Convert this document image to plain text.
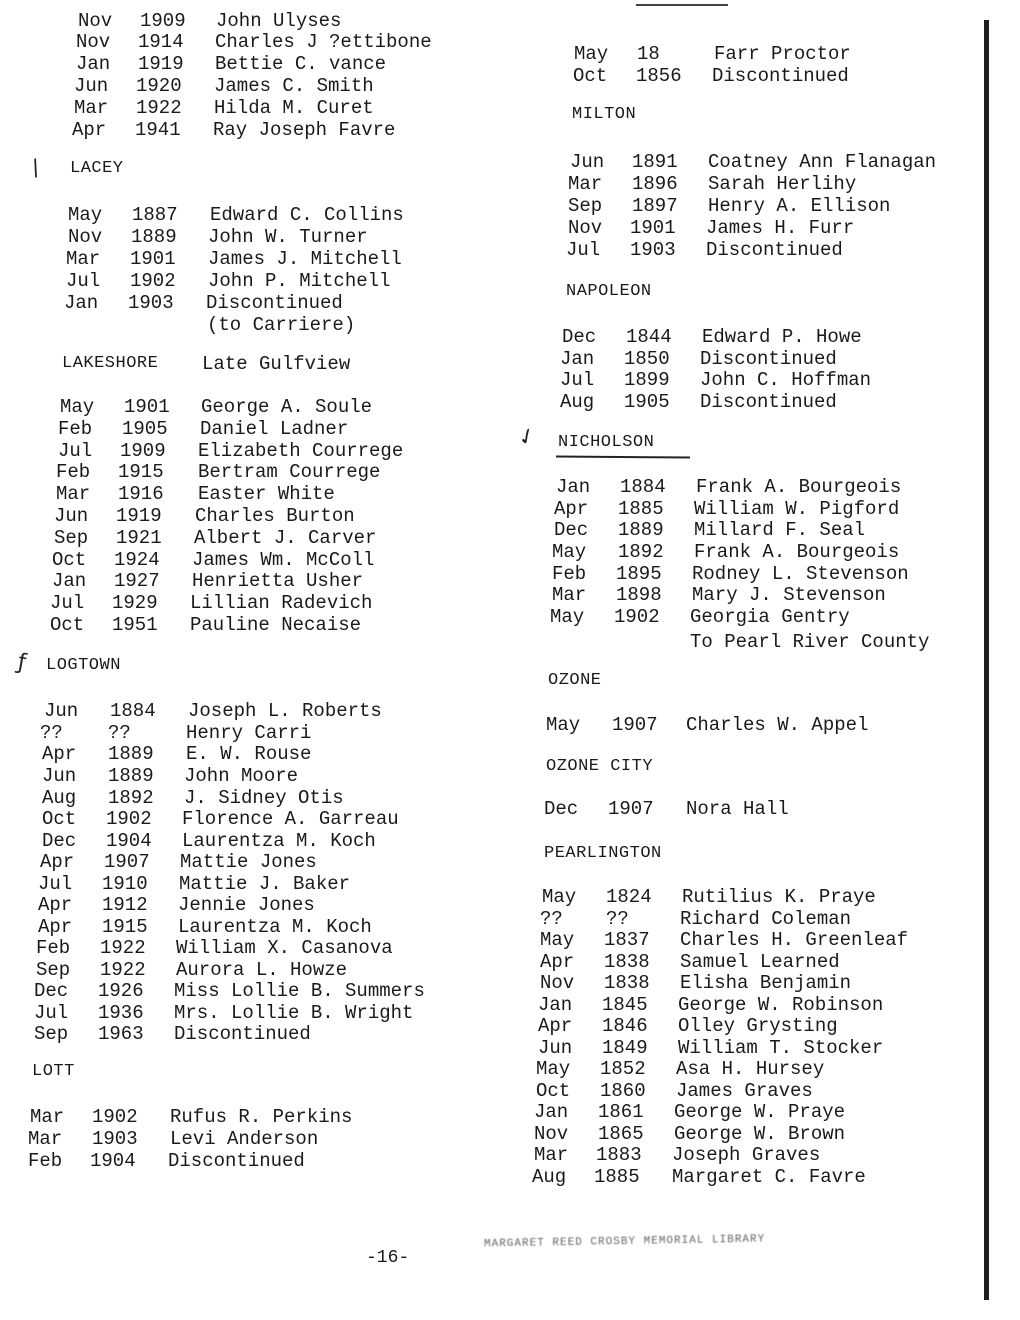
Nov 1909 John Ulyses
Nov 1914 Charles J ?ettibone
Jan 1919 Bettie C. vance
Jun 1920 James C. Smith
Mar 1922 Hilda M. Curet
Apr 1941 Ray Joseph Favre
/ LACEY
May 1887 Edward C. Collins
Nov 1889 John W. Turner
Mar 1901 James J. Mitchell
Jul 1902 John P. Mitchell
Jan 1903 Discontinued
(to Carriere)
LAKESHORE Late Gulfview
May 1901 George A. Soule
Feb 1905 Daniel Ladner
Jul 1909 Elizabeth Courrege
Feb 1915 Bertram Courrege
Mar 1916 Easter White
Jun 1919 Charles Burton
Sep 1921 Albert J. Carver
Oct 1924 James Wm. McColl
Jan 1927 Henrietta Usher
Jul 1929 Lillian Radevich
Oct 1951 Pauline Necaise
ƒ LOGTOWN
Jun 1884 Joseph L. Roberts
?? ??	Henry Carri
Apr 1889 E. W. Rouse
Jun 1889 John Moore
Aug 1892 J. Sidney Otis
Oct 1902 Florence A. Garreau
Dec 1904 Laurentza M. Koch
Apr 1907 Mattie Jones
Jul 1910 Mattie J. Baker
Apr 1912 Jennie Jones
Apr 1915 Laurentza M. Koch
Feb 1922 William X. Casanova
Sep 1922 Aurora L. Howze
Dec 1926 Miss Lollie B. Summers
Jul 1936 Mrs. Lollie B. Wright
Sep 1963 Discontinued
LOTT
Mar 1902 Rufus R. Perkins
Mar 1903 Levi Anderson
Feb 1904 Discontinued
May 18	Farr Proctor
Oct 1856 Discontinued
MILTON
Jun 1891 Coatney Ann Flanagan
Mar 1896 Sarah Herlihy
Sep 1897 Henry A. Ellison
Nov 1901 James H. Furr
Jul 1903 Discontinued
NAPOLEON
Dec 1844 Edward P. Howe
Jan 1850 Discontinued
Jul 1899 John C. Hoffman
Aug 1905 Discontinued
✓ NICHOLSON
Jan 1884 Frank A. Bourgeois
Apr 1885 William W. Pigford
Dec 1889 Millard F. Seal
May 1892 Frank A. Bourgeois
Feb 1895 Rodney L. Stevenson
Mar 1898 Mary J. Stevenson
May 1902 Georgia Gentry
To Pearl River County
OZONE
May 1907 Charles W. Appel
OZONE CITY
Dec 1907 Nora Hall
PEARLINGTON
May 1824 Rutilius K. Praye
?? ??	Richard Coleman
May 1837 Charles H. Greenleaf
Apr 1838 Samuel Learned
Nov 1838 Elisha Benjamin
Jan 1845 George W. Robinson
Apr 1846 Olley Grysting
Jun 1849 William T. Stocker
May 1852 Asa H. Hursey
Oct 1860 James Graves
Jan 1861 George W. Praye
Nov 1865 George W. Brown
Mar 1883 Joseph Graves
Aug 1885 Margaret C. Favre
-16-
MARGARET REED CROSBY MEMORIAL LIBRARY
